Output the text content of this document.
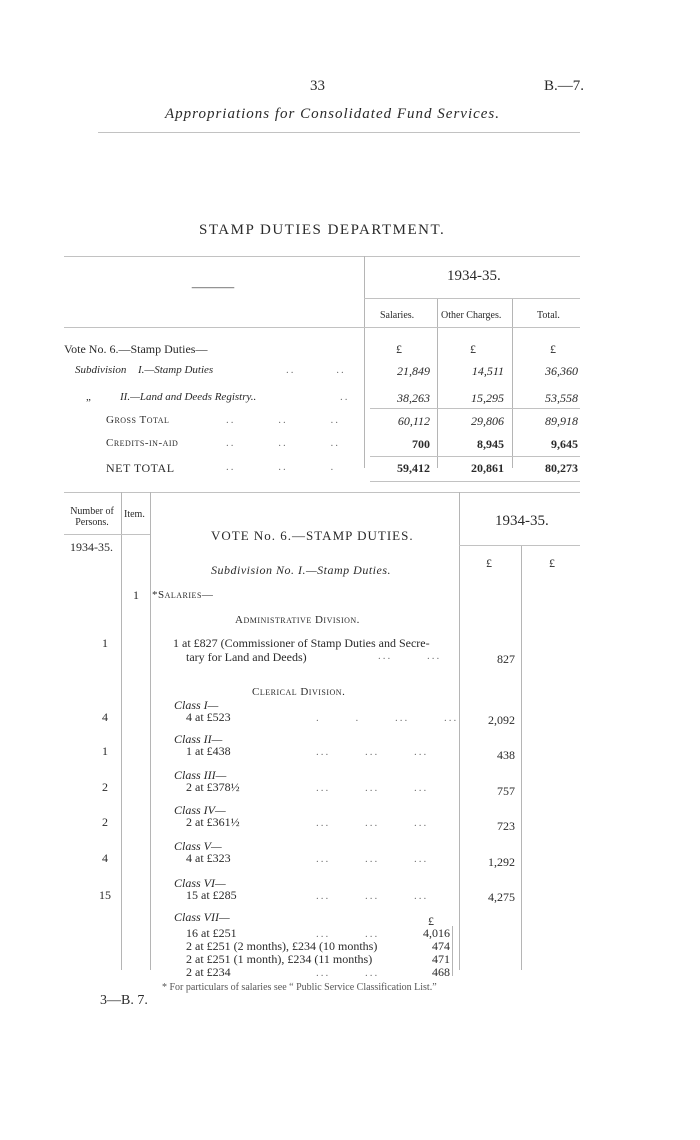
33	B.—7.
Appropriations for Consolidated Fund Services.
STAMP DUTIES DEPARTMENT.
—
1934-35.
Salaries.	Other Charges.	Total.
Vote No. 6.—Stamp Duties—	£	£	£
Subdivision I.—Stamp Duties	.. ..	21,849	14,511	36,360
„	II.—Land and Deeds Registry..	..	38,263	15,295	53,558
Gross Total	.. .. ..	60,112	29,806	89,918
Credits-in-aid	.. .. ..	700	8,945	9,645
NET TOTAL	.. .. .	59,412	20,861	80,273
Number of Persons.
Item.
1934-35.
VOTE No. 6.—STAMP DUTIES.
Subdivision No. I.—Stamp Duties.
1934-35.
£	£
1 *Salaries—
Administrative Division.
1	1 at £827 (Commissioner of Stamp Duties and Secre-
tary for Land and Deeds)	... ...	827
Clerical Division.
4
Class I—
4 at £523	. . ... ...	2,092
1
Class II—
1 at £438	... ... ...	438
2
Class III—
2 at £378½	... ... ...	757
2
Class IV—
2 at £361½	... ... ...	723
4
Class V—
4 at £323	... ... ...	1,292
15
Class VI—
15 at £285	... ... ...	4,275
Class VII—	£
16 at £251	... ...	4,016
2 at £251 (2 months), £234 (10 months)	474
2 at £251 (1 month), £234 (11 months)	471
2 at £234	... ...	468
* For particulars of salaries see “ Public Service Classification List.”
3—B. 7.
